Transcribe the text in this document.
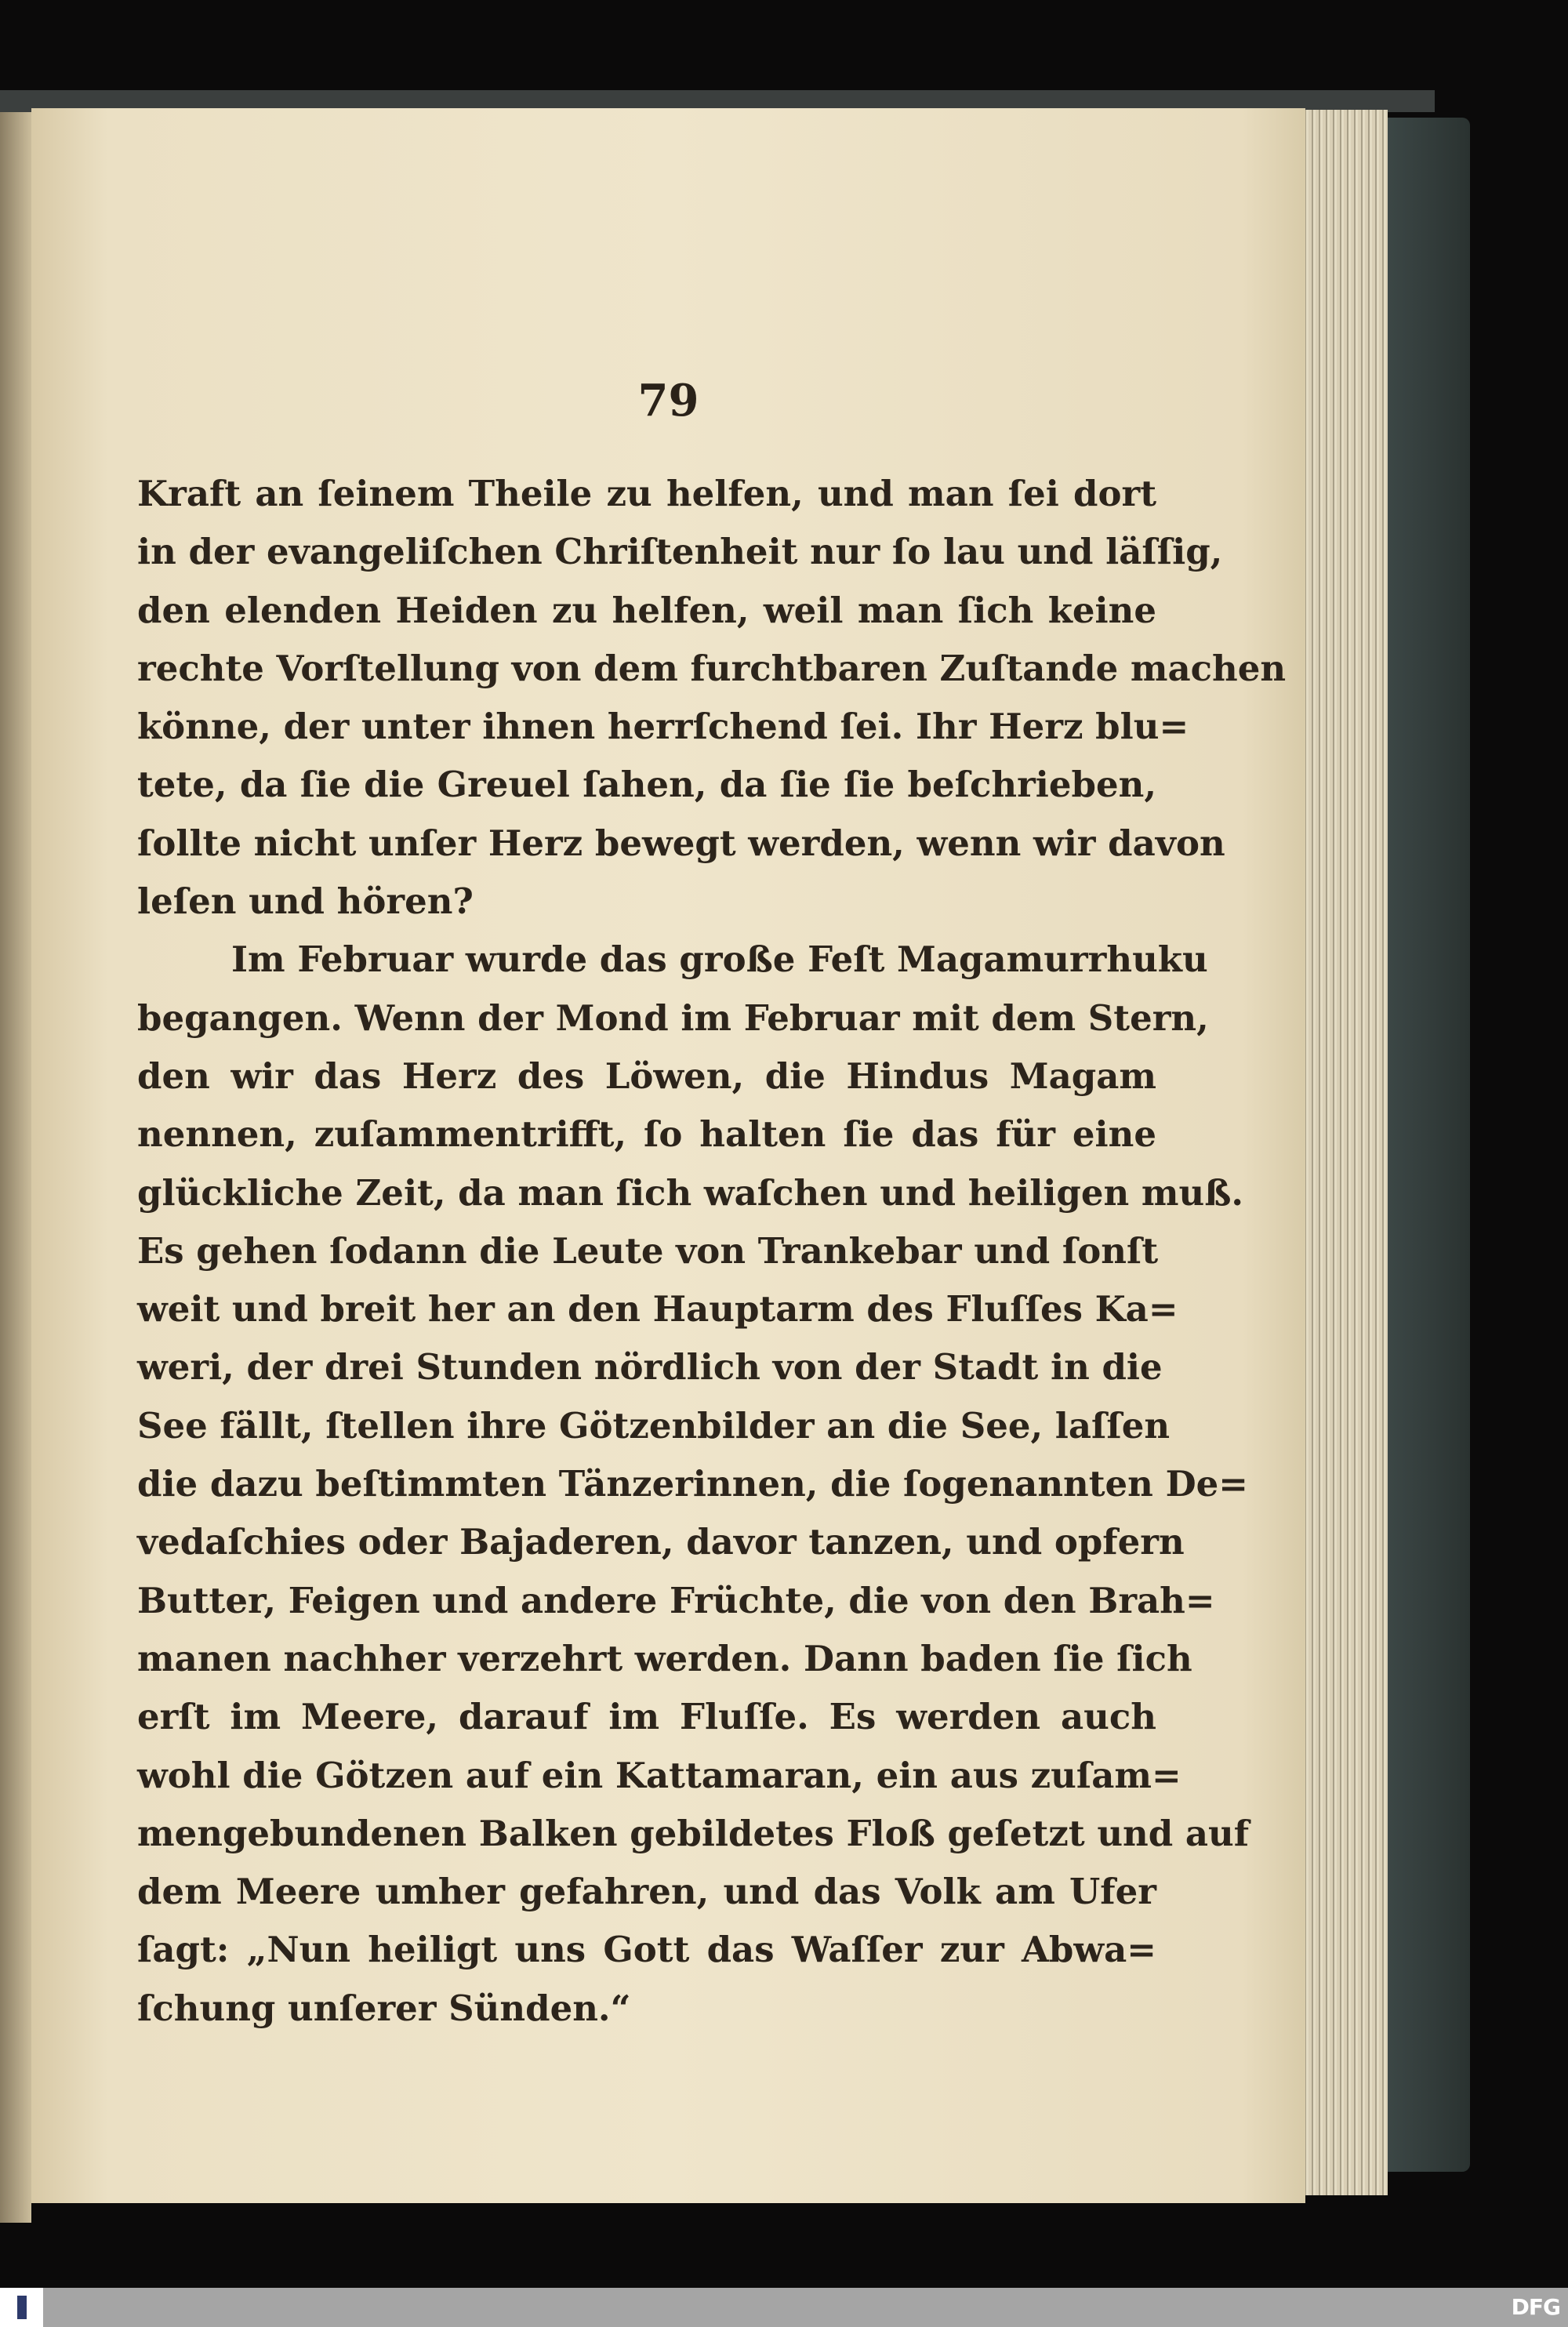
79
Kraft an ſeinem Theile zu helfen, und man ſei dort
in der evangeliſchen Chriſtenheit nur ſo lau und läſſig,
den elenden Heiden zu helfen, weil man ſich keine
rechte Vorſtellung von dem furchtbaren Zuſtande machen
könne, der unter ihnen herrſchend ſei. Ihr Herz blu=
tete, da ſie die Greuel ſahen, da ſie ſie beſchrieben,
ſollte nicht unſer Herz bewegt werden, wenn wir davon
leſen und hören?
Im Februar wurde das große Feſt Magamurrhuku
begangen. Wenn der Mond im Februar mit dem Stern,
den wir das Herz des Löwen, die Hindus Magam
nennen, zuſammentrifft, ſo halten ſie das für eine
glückliche Zeit, da man ſich waſchen und heiligen muß.
Es gehen ſodann die Leute von Trankebar und ſonſt
weit und breit her an den Hauptarm des Fluſſes Ka=
weri, der drei Stunden nördlich von der Stadt in die
See fällt, ſtellen ihre Götzenbilder an die See, laſſen
die dazu beſtimmten Tänzerinnen, die ſogenannten De=
vedaſchies oder Bajaderen, davor tanzen, und opfern
Butter, Feigen und andere Früchte, die von den Brah=
manen nachher verzehrt werden. Dann baden ſie ſich
erſt im Meere, darauf im Fluſſe. Es werden auch
wohl die Götzen auf ein Kattamaran, ein aus zuſam=
mengebundenen Balken gebildetes Floß geſetzt und auf
dem Meere umher gefahren, und das Volk am Ufer
ſagt: „Nun heiligt uns Gott das Waſſer zur Abwa=
ſchung unſerer Sünden.“
DFG
